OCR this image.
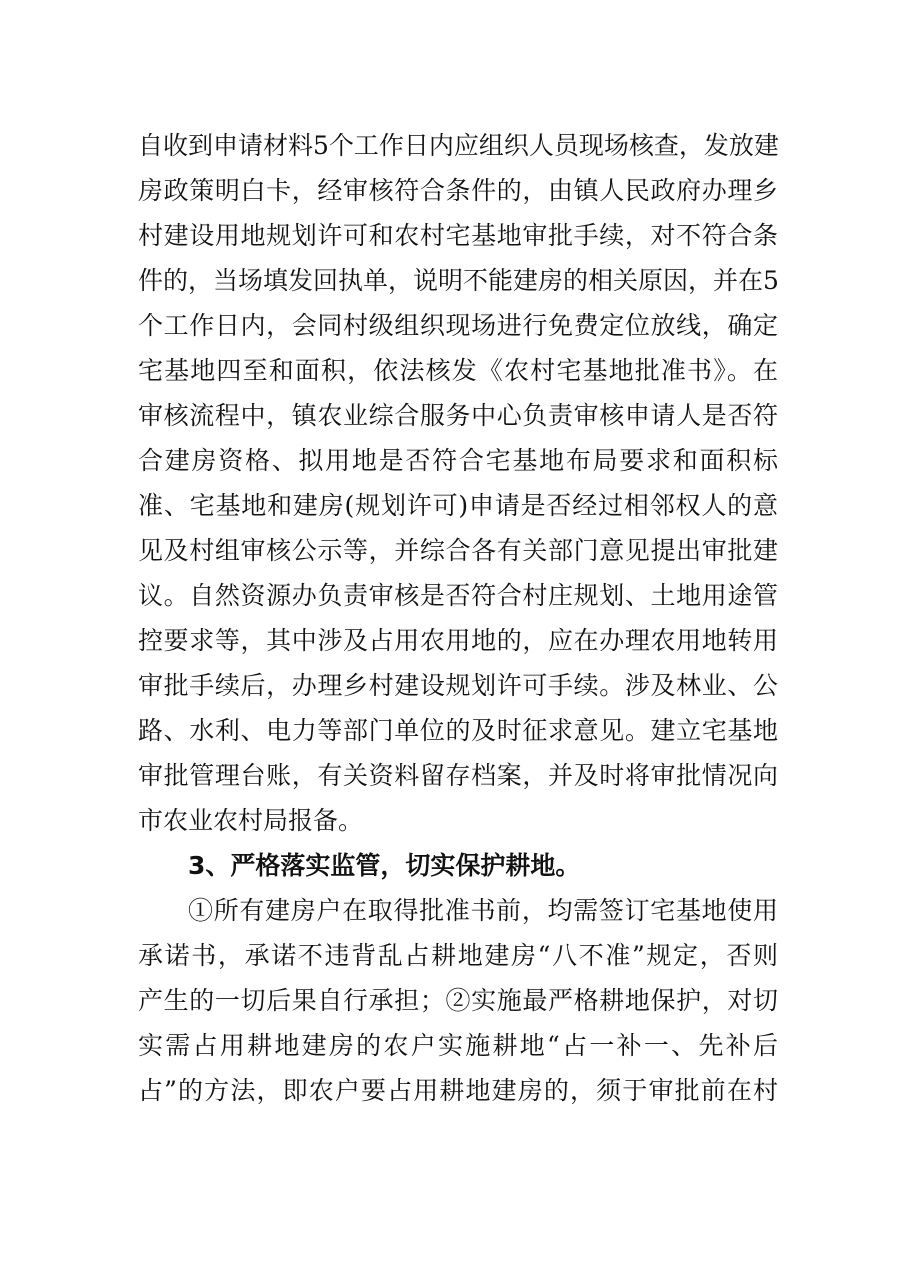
自收到申请材料5个工作日内应组织人员现场核查，发放建
房政策明白卡，经审核符合条件的，由镇人民政府办理乡
村建设用地规划许可和农村宅基地审批手续，对不符合条
件的，当场填发回执单，说明不能建房的相关原因，并在5
个工作日内，会同村级组织现场进行免费定位放线，确定
宅基地四至和面积，依法核发《农村宅基地批准书》。在
审核流程中，镇农业综合服务中心负责审核申请人是否符
合建房资格、拟用地是否符合宅基地布局要求和面积标
准、宅基地和建房(规划许可)申请是否经过相邻权人的意
见及村组审核公示等，并综合各有关部门意见提出审批建
议。自然资源办负责审核是否符合村庄规划、土地用途管
控要求等，其中涉及占用农用地的，应在办理农用地转用
审批手续后，办理乡村建设规划许可手续。涉及林业、公
路、水利、电力等部门单位的及时征求意见。建立宅基地
审批管理台账，有关资料留存档案，并及时将审批情况向
市农业农村局报备。
3、严格落实监管，切实保护耕地。
①所有建房户在取得批准书前，均需签订宅基地使用
承诺书，承诺不违背乱占耕地建房“八不准”规定，否则
产生的一切后果自行承担；②实施最严格耕地保护，对切
实需占用耕地建房的农户实施耕地“占一补一、先补后
占”的方法，即农户要占用耕地建房的，须于审批前在村
